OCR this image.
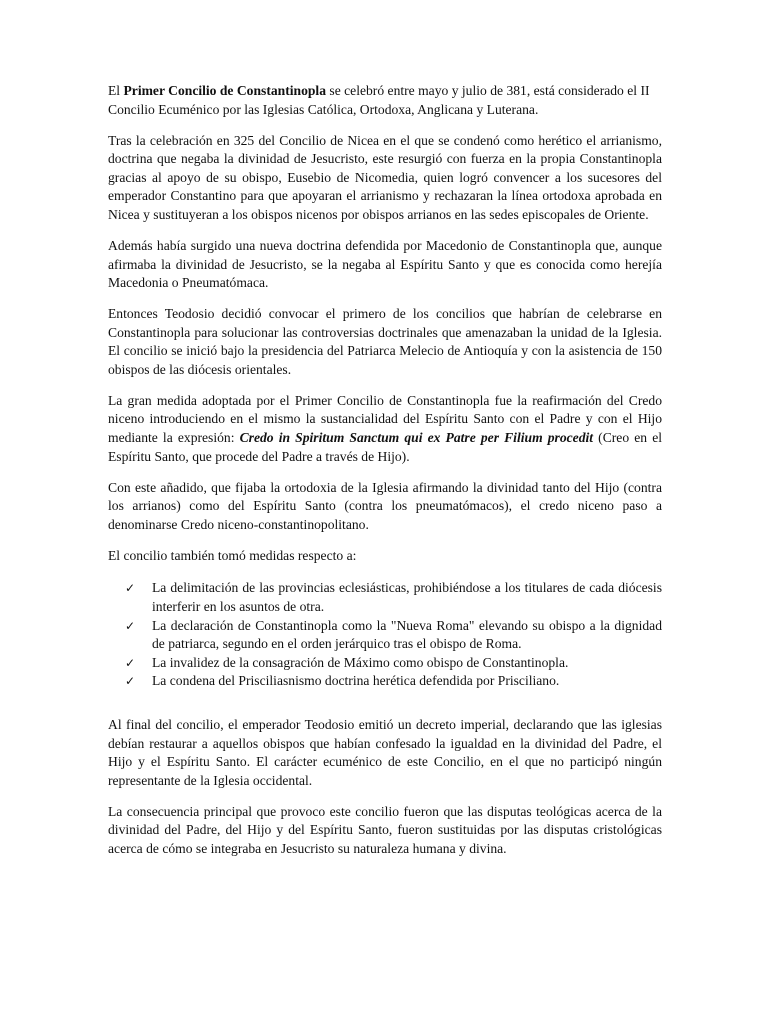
El Primer Concilio de Constantinopla se celebró entre mayo y julio de 381, está considerado el II Concilio Ecuménico por las Iglesias Católica, Ortodoxa, Anglicana y Luterana.

Tras la celebración en 325 del Concilio de Nicea en el que se condenó como herético el arrianismo, doctrina que negaba la divinidad de Jesucristo, este resurgió con fuerza en la propia Constantinopla gracias al apoyo de su obispo, Eusebio de Nicomedia, quien logró convencer a los sucesores del emperador Constantino para que apoyaran el arrianismo y rechazaran la línea ortodoxa aprobada en Nicea y sustituyeran a los obispos nicenos por obispos arrianos en las sedes episcopales de Oriente.

Además había surgido una nueva doctrina defendida por Macedonio de Constantinopla que, aunque afirmaba la divinidad de Jesucristo, se la negaba al Espíritu Santo y que es conocida como herejía Macedonia o Pneumatómaca.

Entonces Teodosio decidió convocar el primero de los concilios que habrían de celebrarse en Constantinopla para solucionar las controversias doctrinales que amenazaban la unidad de la Iglesia. El concilio se inició bajo la presidencia del Patriarca Melecio de Antioquía y con la asistencia de 150 obispos de las diócesis orientales.

La gran medida adoptada por el Primer Concilio de Constantinopla fue la reafirmación del Credo niceno introduciendo en el mismo la sustancialidad del Espíritu Santo con el Padre y con el Hijo mediante la expresión: Credo in Spiritum Sanctum qui ex Patre per Filium procedit (Creo en el Espíritu Santo, que procede del Padre a través de Hijo).

Con este añadido, que fijaba la ortodoxia de la Iglesia afirmando la divinidad tanto del Hijo (contra los arrianos) como del Espíritu Santo (contra los pneumatómacos), el credo niceno paso a denominarse Credo niceno-constantinopolitano.

El concilio también tomó medidas respecto a:

✓ La delimitación de las provincias eclesiásticas, prohibiéndose a los titulares de cada diócesis interferir en los asuntos de otra.
✓ La declaración de Constantinopla como la "Nueva Roma" elevando su obispo a la dignidad de patriarca, segundo en el orden jerárquico tras el obispo de Roma.
✓ La invalidez de la consagración de Máximo como obispo de Constantinopla.
✓ La condena del Prisciliasnismo doctrina herética defendida por Prisciliano.

Al final del concilio, el emperador Teodosio emitió un decreto imperial, declarando que las iglesias debían restaurar a aquellos obispos que habían confesado la igualdad en la divinidad del Padre, el Hijo y el Espíritu Santo. El carácter ecuménico de este Concilio, en el que no participó ningún representante de la Iglesia occidental.

La consecuencia principal que provoco este concilio fueron que las disputas teológicas acerca de la divinidad del Padre, del Hijo y del Espíritu Santo, fueron sustituidas por las disputas cristológicas acerca de cómo se integraba en Jesucristo su naturaleza humana y divina.
